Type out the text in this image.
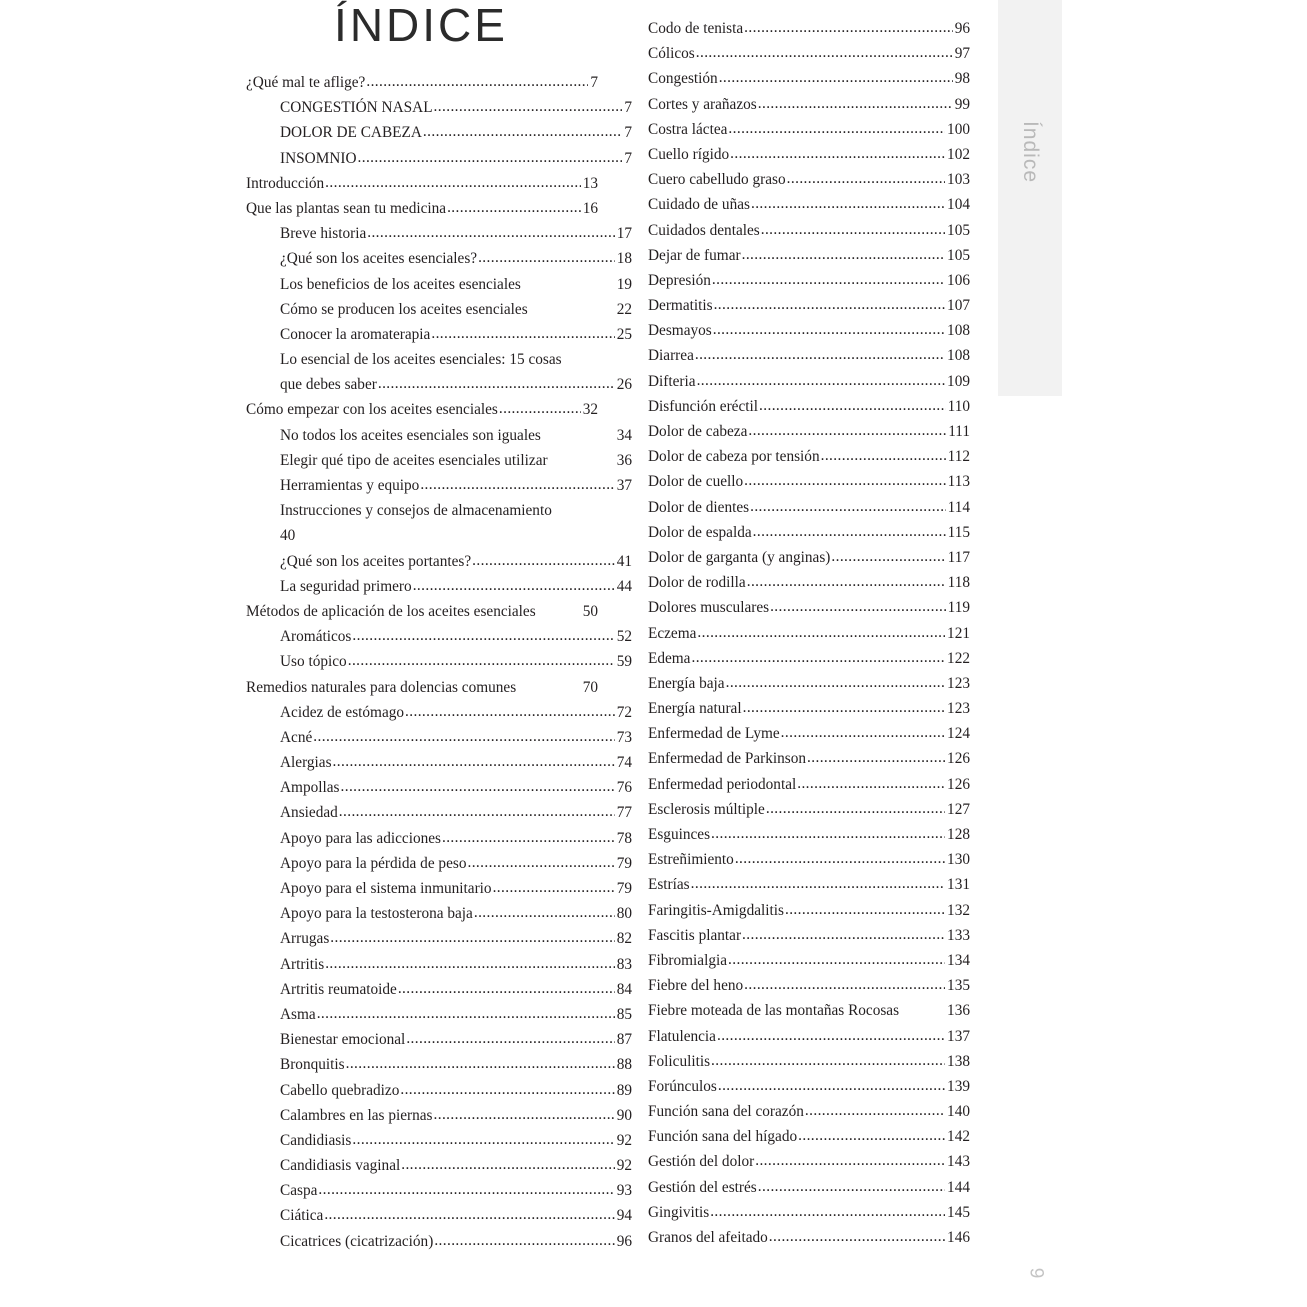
ÍNDICE
¿Qué mal te aflige? .....	7
CONGESTIÓN NASAL .....	7
DOLOR DE CABEZA .....	7
INSOMNIO .....	7
Introducción .....	13
Que las plantas sean tu medicina .....	16
Breve historia .....	17
¿Qué son los aceites esenciales? .....	18
Los beneficios de los aceites esenciales	19
Cómo se producen los aceites esenciales	22
Conocer la aromaterapia .....	25
Lo esencial de los aceites esenciales: 15 cosas
que debes saber .....	26
Cómo empezar con los aceites esenciales .....	32
No todos los aceites esenciales son iguales	34
Elegir qué tipo de aceites esenciales utilizar	36
Herramientas y equipo .....	37
Instrucciones y consejos de almacenamiento
40
¿Qué son los aceites portantes? .....	41
La seguridad primero .....	44
Métodos de aplicación de los aceites esenciales	50
Aromáticos .....	52
Uso tópico .....	59
Remedios naturales para dolencias comunes	70
Acidez de estómago .....	72
Acné .....	73
Alergias .....	74
Ampollas .....	76
Ansiedad .....	77
Apoyo para las adicciones .....	78
Apoyo para la pérdida de peso .....	79
Apoyo para el sistema inmunitario .....	79
Apoyo para la testosterona baja .....	80
Arrugas .....	82
Artritis .....	83
Artritis reumatoide .....	84
Asma .....	85
Bienestar emocional .....	87
Bronquitis .....	88
Cabello quebradizo .....	89
Calambres en las piernas .....	90
Candidiasis .....	92
Candidiasis vaginal .....	92
Caspa .....	93
Ciática .....	94
Cicatrices (cicatrización) .....	96
Codo de tenista .....	96
Cólicos .....	97
Congestión .....	98
Cortes y arañazos .....	99
Costra láctea .....	100
Cuello rígido .....	102
Cuero cabelludo graso .....	103
Cuidado de uñas .....	104
Cuidados dentales .....	105
Dejar de fumar .....	105
Depresión .....	106
Dermatitis .....	107
Desmayos .....	108
Diarrea .....	108
Difteria .....	109
Disfunción eréctil .....	110
Dolor de cabeza .....	111
Dolor de cabeza por tensión .....	112
Dolor de cuello .....	113
Dolor de dientes .....	114
Dolor de espalda .....	115
Dolor de garganta (y anginas) .....	117
Dolor de rodilla .....	118
Dolores musculares .....	119
Eczema .....	121
Edema .....	122
Energía baja .....	123
Energía natural .....	123
Enfermedad de Lyme .....	124
Enfermedad de Parkinson .....	126
Enfermedad periodontal .....	126
Esclerosis múltiple .....	127
Esguinces .....	128
Estreñimiento .....	130
Estrías .....	131
Faringitis-Amigdalitis .....	132
Fascitis plantar .....	133
Fibromialgia .....	134
Fiebre del heno .....	135
Fiebre moteada de las montañas Rocosas	136
Flatulencia .....	137
Foliculitis .....	138
Forúnculos .....	139
Función sana del corazón .....	140
Función sana del hígado .....	142
Gestión del dolor .....	143
Gestión del estrés .....	144
Gingivitis .....	145
Granos del afeitado .....	146
Índice
9
